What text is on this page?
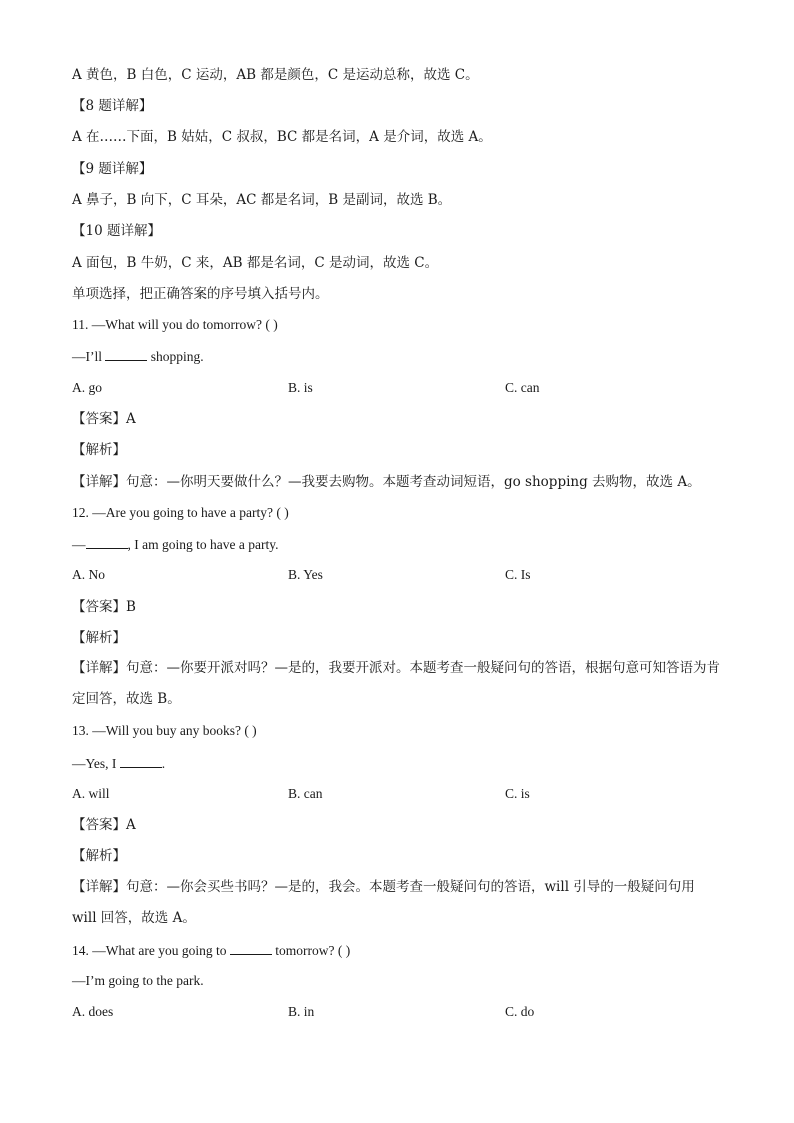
A 黄色，B 白色，C 运动，AB 都是颜色，C 是运动总称，故选 C。
【8 题详解】
A 在……下面，B 姑姑，C 叔叔，BC 都是名词，A 是介词，故选 A。
【9 题详解】
A 鼻子，B 向下，C 耳朵，AC 都是名词，B 是副词，故选 B。
【10 题详解】
A 面包，B 牛奶，C 来，AB 都是名词，C 是动词，故选 C。
单项选择，把正确答案的序号填入括号内。
11. —What will you do tomorrow? ( )
—I’ll	shopping.
A. go	B. is	C. can
【答案】A
【解析】
【详解】句意：—你明天要做什么？—我要去购物。本题考查动词短语，go shopping 去购物，故选 A。
12. —Are you going to have a party? ( )
—	, I am going to have a party.
A. No	B. Yes	C. Is
【答案】B
【解析】
【详解】句意：—你要开派对吗？—是的，我要开派对。本题考查一般疑问句的答语，根据句意可知答语为肯定回答，故选 B。
13. —Will you buy any books? ( )
—Yes, I	.
A. will	B. can	C. is
【答案】A
【解析】
【详解】句意：—你会买些书吗？—是的，我会。本题考查一般疑问句的答语，will 引导的一般疑问句用 will 回答，故选 A。
14. —What are you going to	tomorrow? ( )
—I’m going to the park.
A. does	B. in	C. do
